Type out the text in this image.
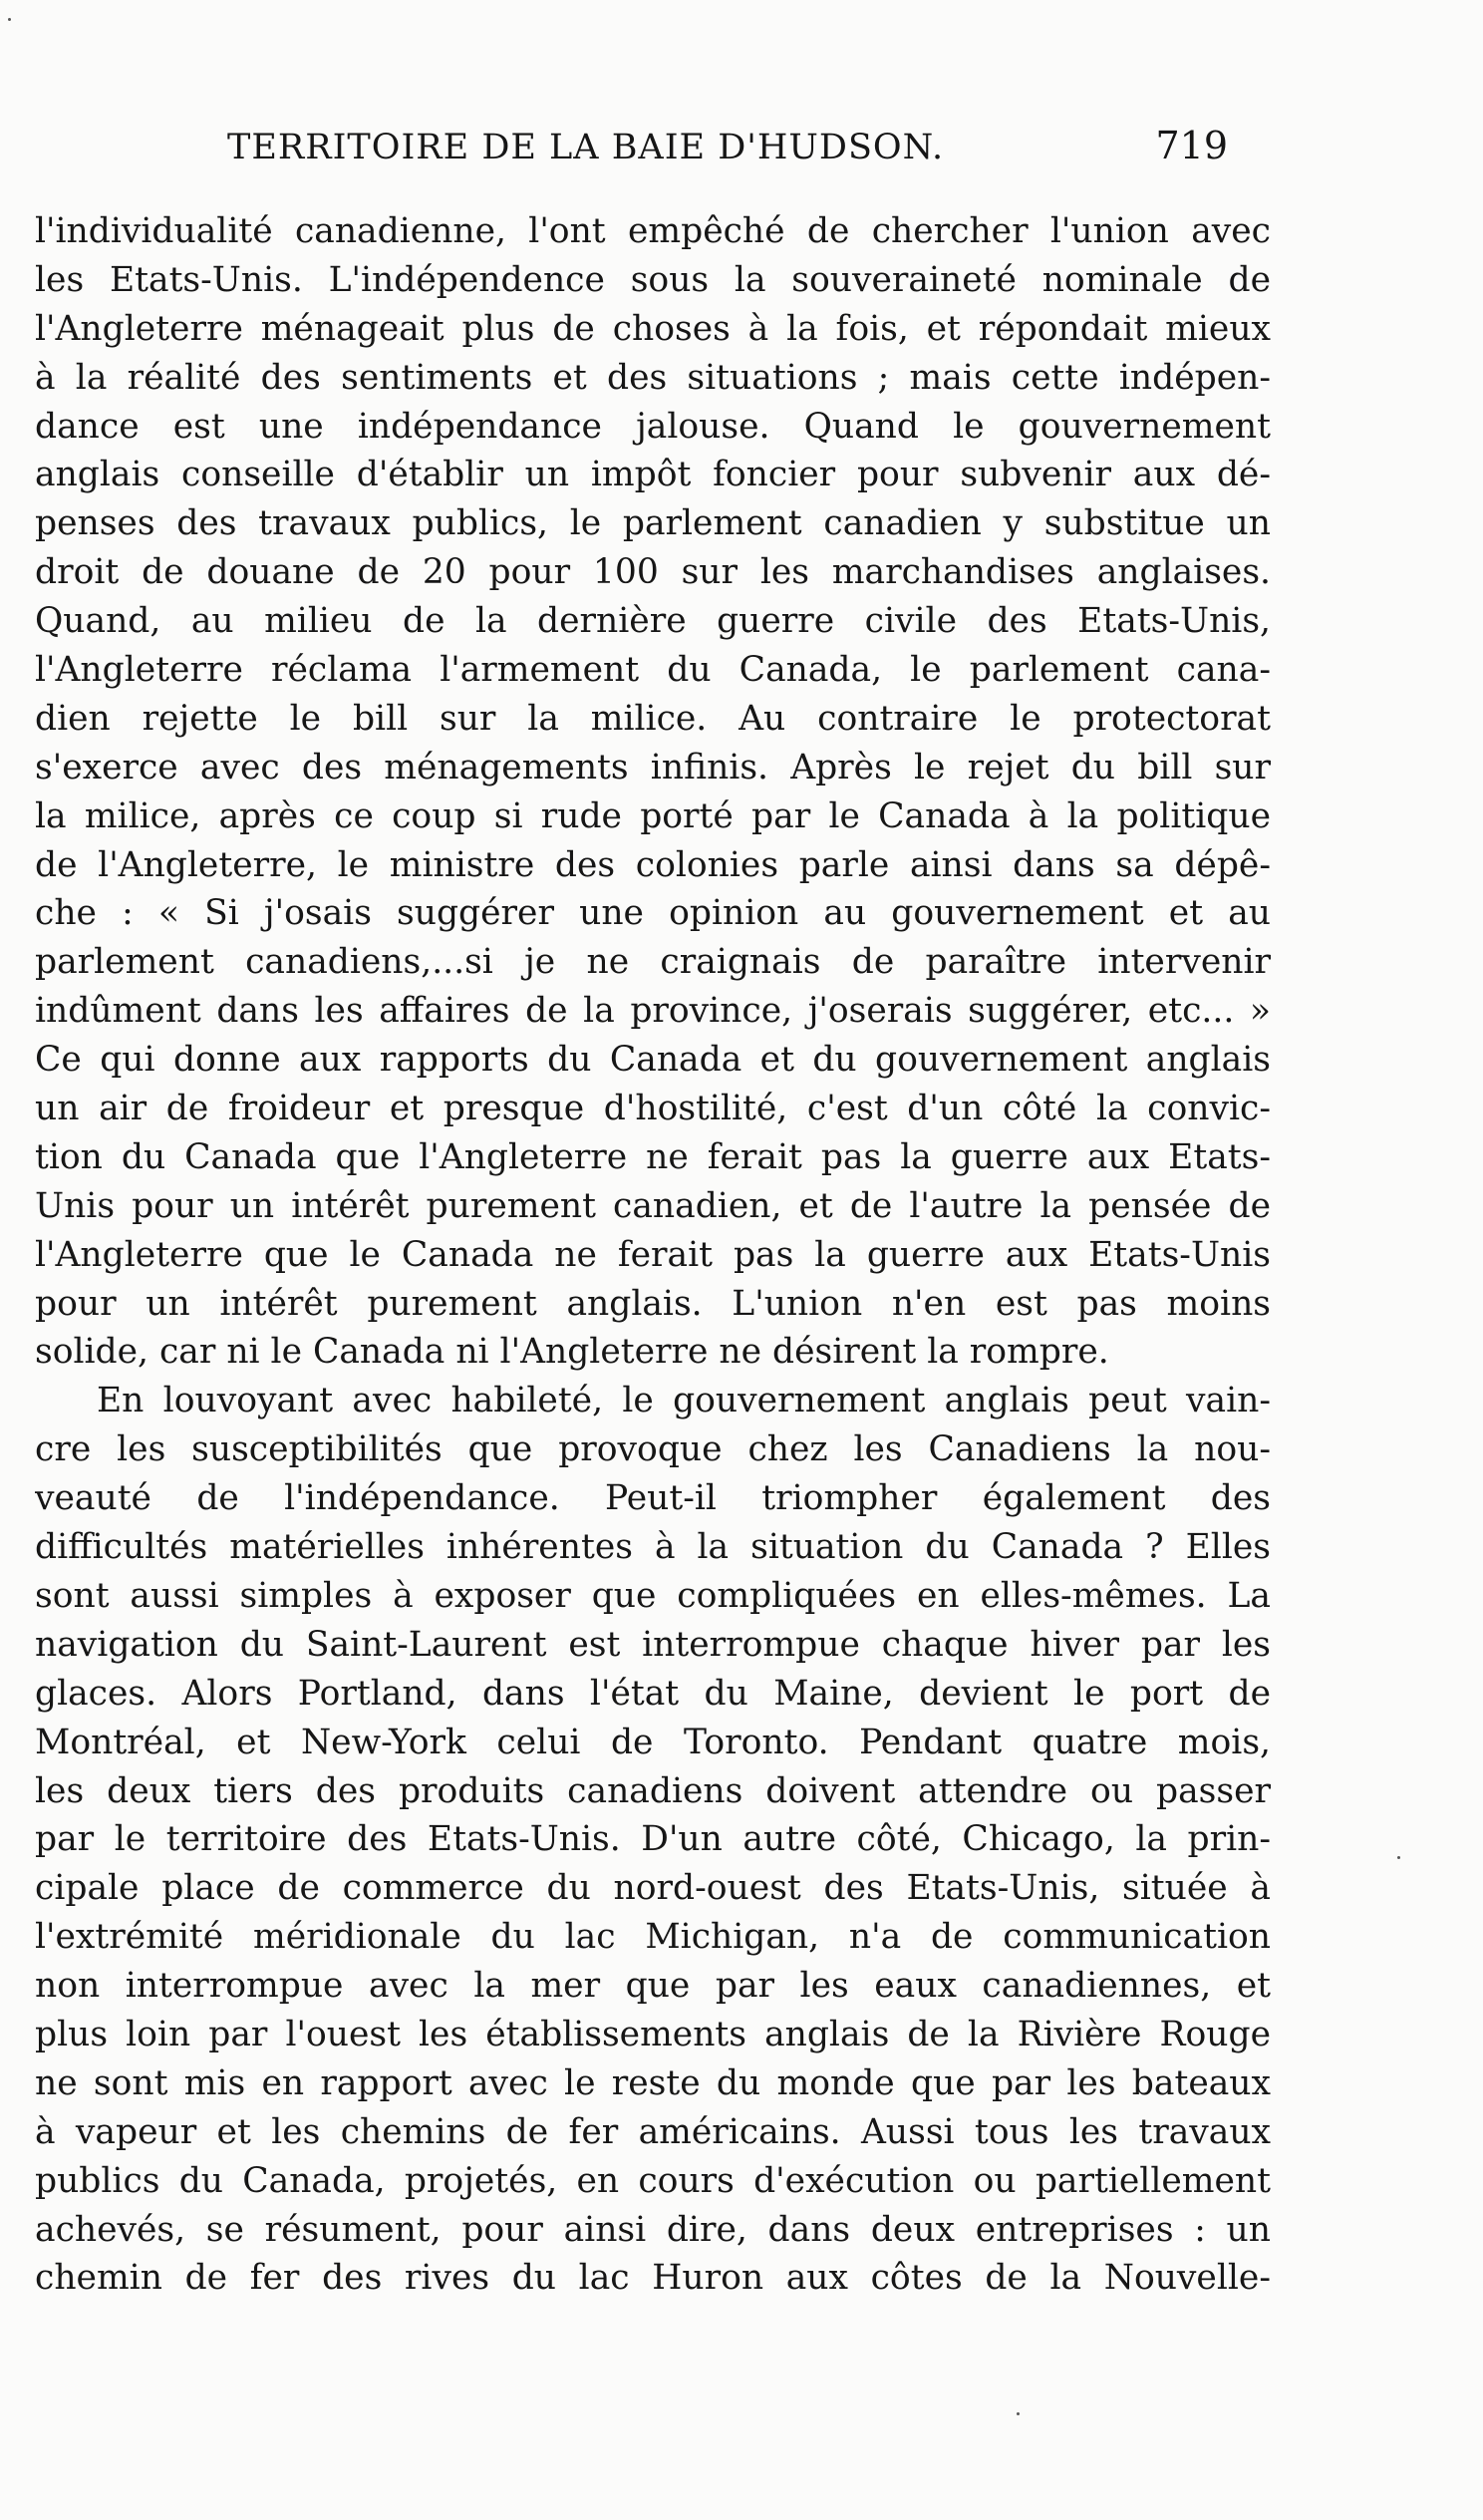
TERRITOIRE DE LA BAIE D'HUDSON.	719
l'individualité canadienne, l'ont empêché de chercher l'union avec
les Etats-Unis. L'indépendence sous la souveraineté nominale de
l'Angleterre ménageait plus de choses à la fois, et répondait mieux
à la réalité des sentiments et des situations ; mais cette indépen-
dance est une indépendance jalouse. Quand le gouvernement
anglais conseille d'établir un impôt foncier pour subvenir aux dé-
penses des travaux publics, le parlement canadien y substitue un
droit de douane de 20 pour 100 sur les marchandises anglaises.
Quand, au milieu de la dernière guerre civile des Etats-Unis,
l'Angleterre réclama l'armement du Canada, le parlement cana-
dien rejette le bill sur la milice. Au contraire le protectorat
s'exerce avec des ménagements infinis. Après le rejet du bill sur
la milice, après ce coup si rude porté par le Canada à la politique
de l'Angleterre, le ministre des colonies parle ainsi dans sa dépê-
che : « Si j'osais suggérer une opinion au gouvernement et au
parlement canadiens,...si je ne craignais de paraître intervenir
indûment dans les affaires de la province, j'oserais suggérer, etc... »
Ce qui donne aux rapports du Canada et du gouvernement anglais
un air de froideur et presque d'hostilité, c'est d'un côté la convic-
tion du Canada que l'Angleterre ne ferait pas la guerre aux Etats-
Unis pour un intérêt purement canadien, et de l'autre la pensée de
l'Angleterre que le Canada ne ferait pas la guerre aux Etats-Unis
pour un intérêt purement anglais. L'union n'en est pas moins
solide, car ni le Canada ni l'Angleterre ne désirent la rompre.
En louvoyant avec habileté, le gouvernement anglais peut vain-
cre les susceptibilités que provoque chez les Canadiens la nou-
veauté de l'indépendance. Peut-il triompher également des
difficultés matérielles inhérentes à la situation du Canada ? Elles
sont aussi simples à exposer que compliquées en elles-mêmes. La
navigation du Saint-Laurent est interrompue chaque hiver par les
glaces. Alors Portland, dans l'état du Maine, devient le port de
Montréal, et New-York celui de Toronto. Pendant quatre mois,
les deux tiers des produits canadiens doivent attendre ou passer
par le territoire des Etats-Unis. D'un autre côté, Chicago, la prin-
cipale place de commerce du nord-ouest des Etats-Unis, située à
l'extrémité méridionale du lac Michigan, n'a de communication
non interrompue avec la mer que par les eaux canadiennes, et
plus loin par l'ouest les établissements anglais de la Rivière Rouge
ne sont mis en rapport avec le reste du monde que par les bateaux
à vapeur et les chemins de fer américains. Aussi tous les travaux
publics du Canada, projetés, en cours d'exécution ou partiellement
achevés, se résument, pour ainsi dire, dans deux entreprises : un
chemin de fer des rives du lac Huron aux côtes de la Nouvelle-
